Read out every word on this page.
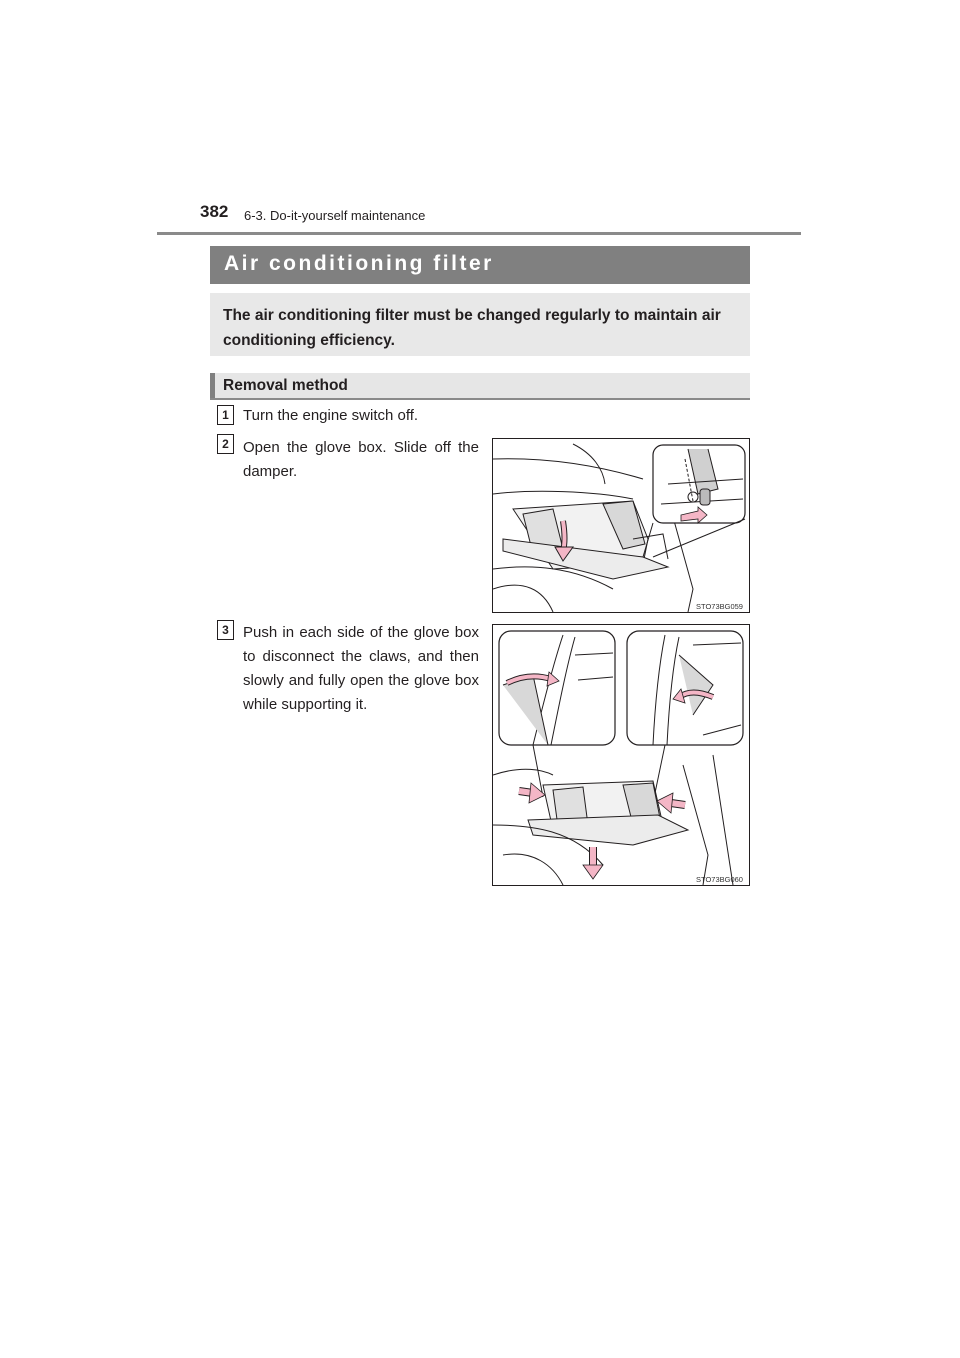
382 6-3. Do-it-yourself maintenance
Air conditioning filter
The air conditioning filter must be changed regularly to maintain air conditioning efficiency.
Removal method
1 Turn the engine switch off.
2 Open the glove box. Slide off the damper.
STO73BG059
3 Push in each side of the glove box to disconnect the claws, and then slowly and fully open the glove box while supporting it.
STO73BG060
